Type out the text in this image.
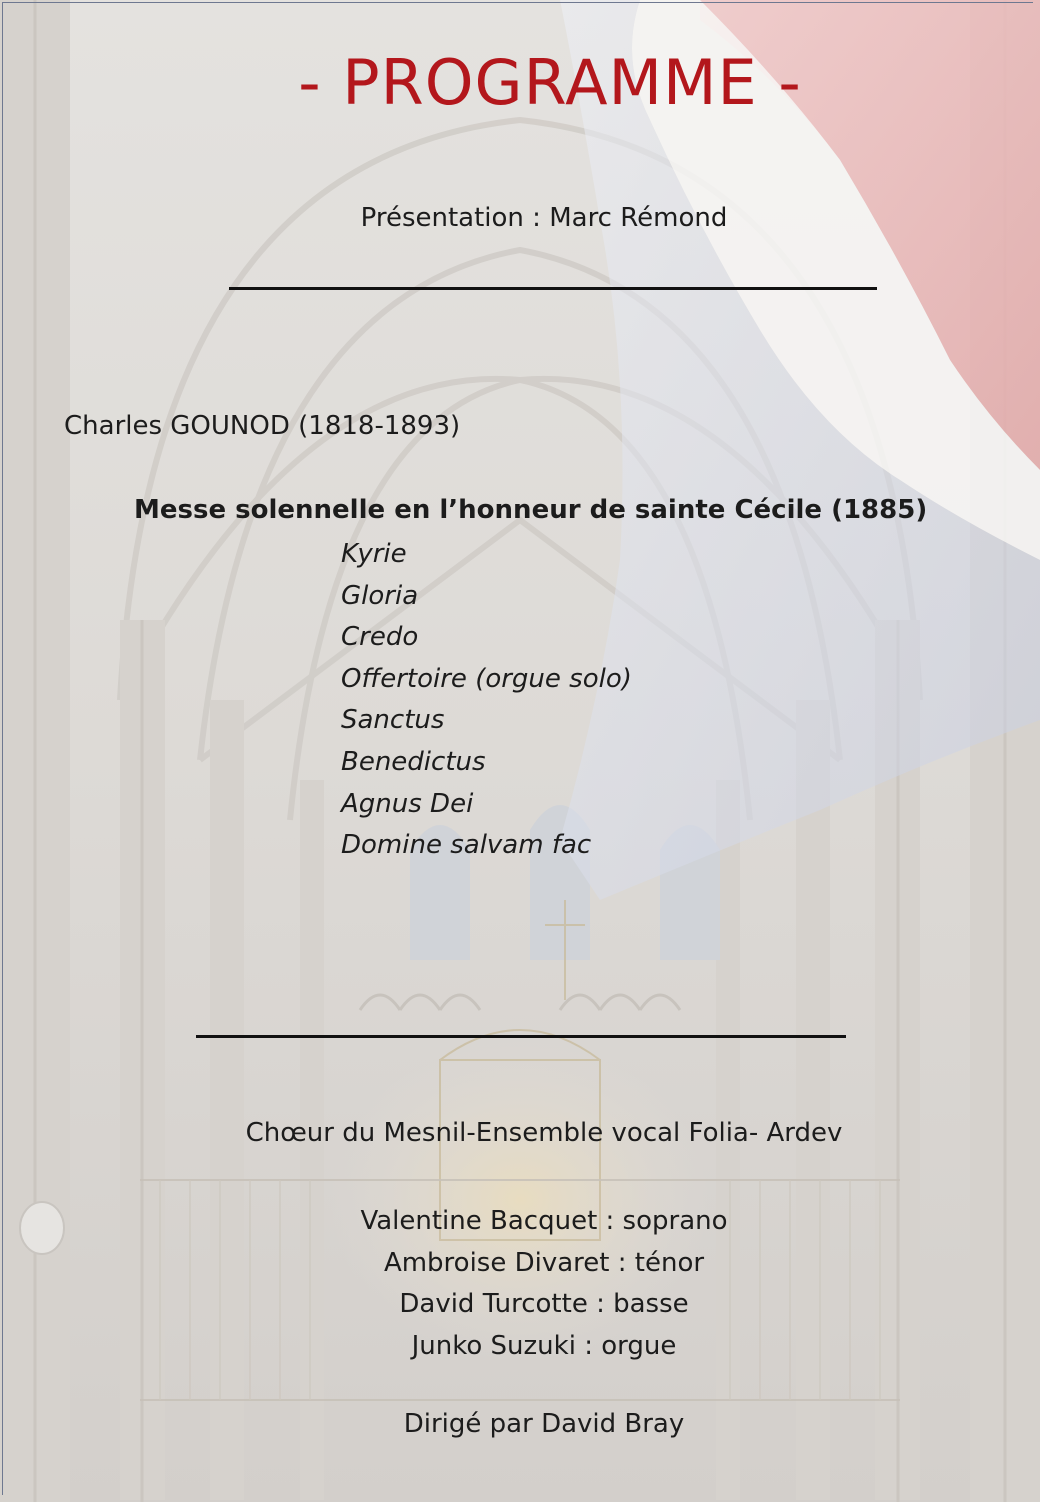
- PROGRAMME -
Présentation : Marc Rémond
Charles GOUNOD (1818-1893)
Messe solennelle en l’honneur de sainte Cécile (1885)
Kyrie
Gloria
Credo
Offertoire (orgue solo)
Sanctus
Benedictus
Agnus Dei
Domine salvam fac
Chœur du Mesnil-Ensemble vocal Folia- Ardev
Valentine Bacquet : soprano
Ambroise Divaret : ténor
David Turcotte : basse
Junko Suzuki : orgue
Dirigé par David Bray
